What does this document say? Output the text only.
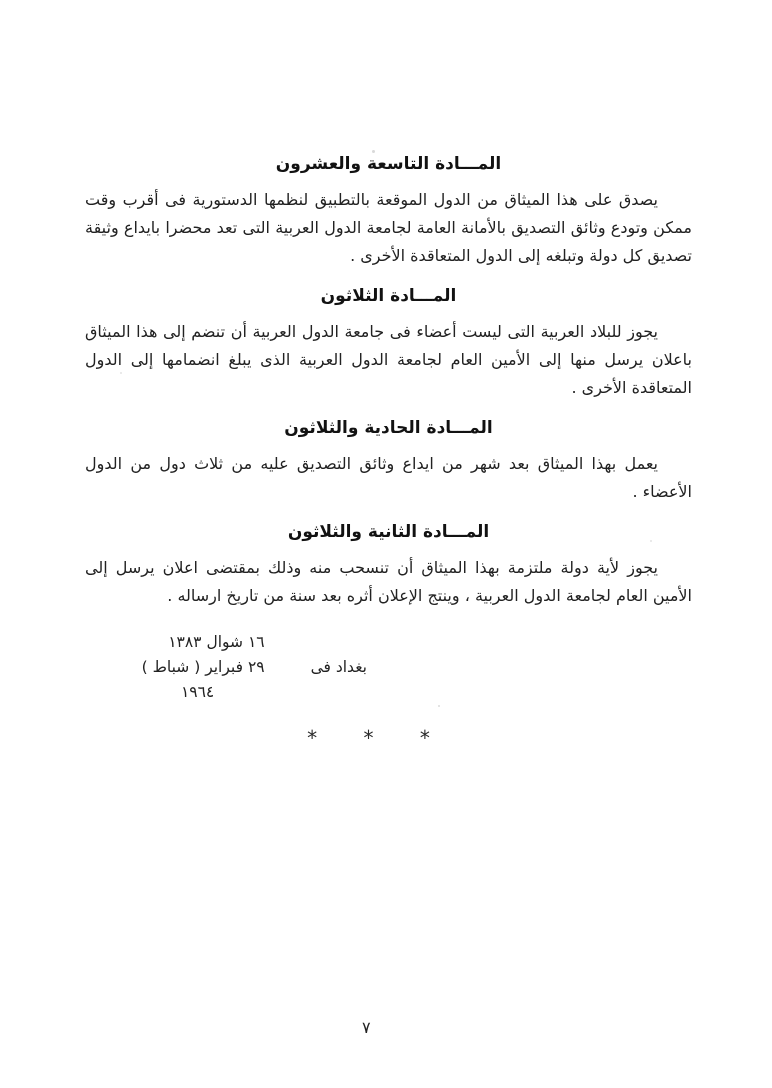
المـــادة التاسعة والعشرون

يصدق على هذا الميثاق من الدول الموقعة بالتطبيق لنظمها الدستورية فى أقرب وقت ممكن وتودع وثائق التصديق بالأمانة العامة لجامعة الدول العربية التى تعد محضرا بايداع وثيقة تصديق كل دولة وتبلغه إلى الدول المتعاقدة الأخرى .

المـــادة الثلاثون

يجوز للبلاد العربية التى ليست أعضاء فى جامعة الدول العربية أن تنضم إلى هذا الميثاق باعلان يرسل منها إلى الأمين العام لجامعة الدول العربية الذى يبلغ انضمامها إلى الدول المتعاقدة الأخرى .

المـــادة الحادية والثلاثون

يعمل بهذا الميثاق بعد شهر من ايداع وثائق التصديق عليه من ثلاث دول من الدول الأعضاء .

المـــادة الثانية والثلاثون

يجوز لأية دولة ملتزمة بهذا الميثاق أن تنسحب منه وذلك بمقتضى اعلان يرسل إلى الأمين العام لجامعة الدول العربية ، وينتج الإعلان أثره بعد سنة من تاريخ ارساله .

بغداد فى
١٦ شوال ١٣٨٣
٢٩ فبراير ( شباط )
١٩٦٤
* * *
٧
